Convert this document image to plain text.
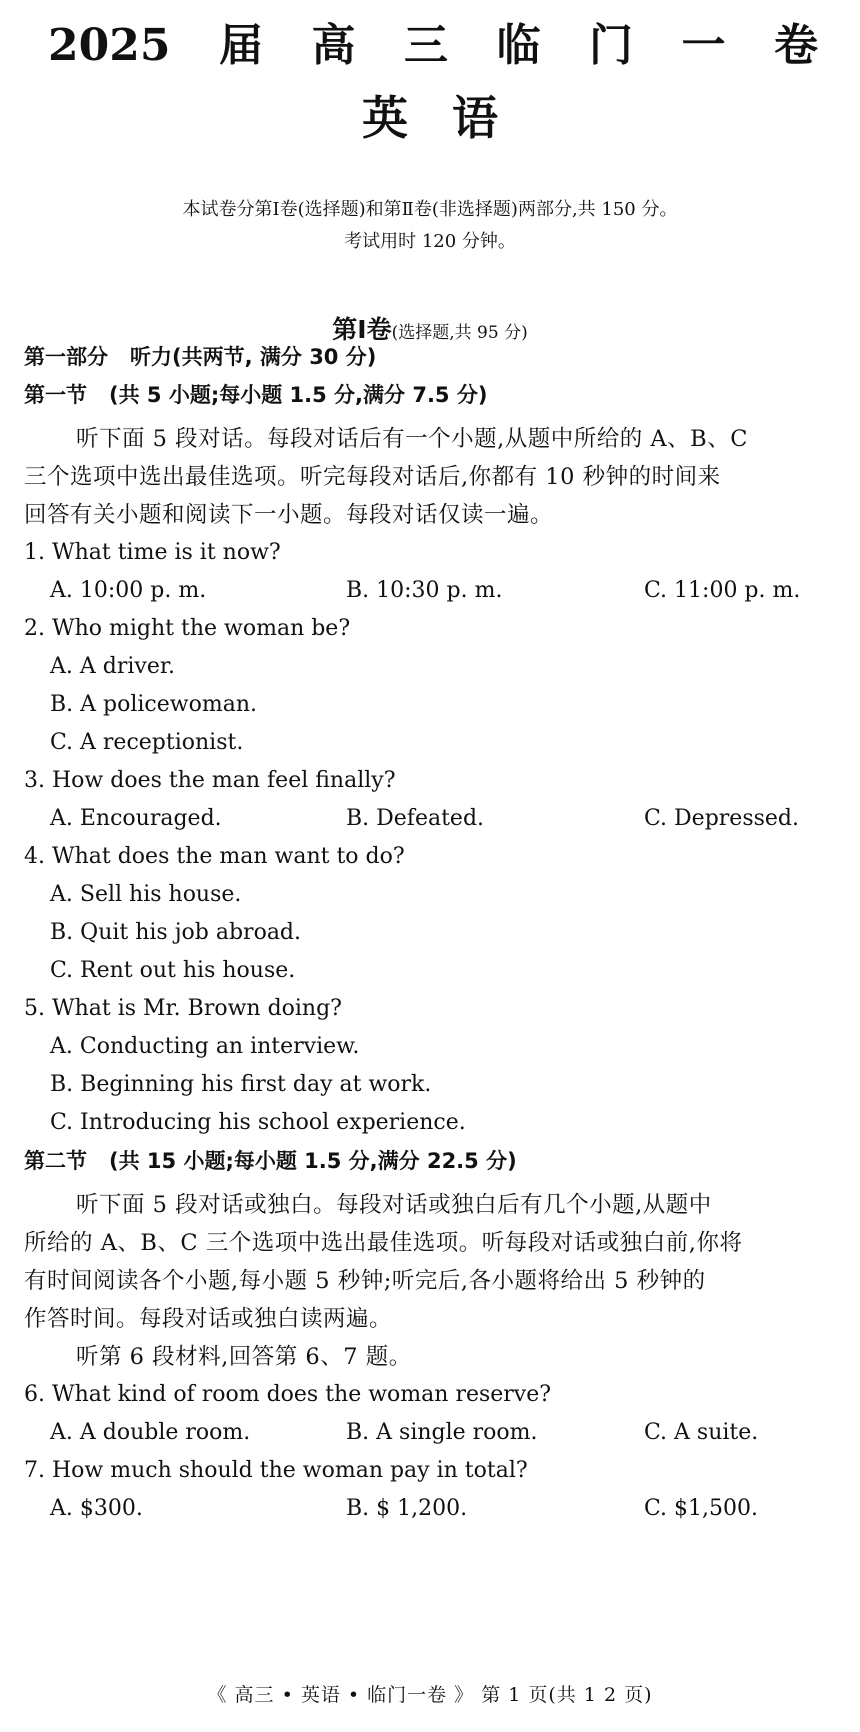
2025 届 高 三 临 门 一 卷
英语
本试卷分第Ⅰ卷(选择题)和第Ⅱ卷(非选择题)两部分,共 150 分。
考试用时 120 分钟。
第Ⅰ卷(选择题,共 95 分)
第一部分 听力(共两节, 满分 30 分)
第一节 (共 5 小题;每小题 1.5 分,满分 7.5 分)
听下面 5 段对话。每段对话后有一个小题,从题中所给的 A、B、C
三个选项中选出最佳选项。听完每段对话后,你都有 10 秒钟的时间来
回答有关小题和阅读下一小题。每段对话仅读一遍。
1. What time is it now?
A. 10:00 p. m.	B. 10:30 p. m.	C. 11:00 p. m.
2. Who might the woman be?
A. A driver.
B. A policewoman.
C. A receptionist.
3. How does the man feel finally?
A. Encouraged.	B. Defeated.	C. Depressed.
4. What does the man want to do?
A. Sell his house.
B. Quit his job abroad.
C. Rent out his house.
5. What is Mr. Brown doing?
A. Conducting an interview.
B. Beginning his first day at work.
C. Introducing his school experience.
第二节 (共 15 小题;每小题 1.5 分,满分 22.5 分)
听下面 5 段对话或独白。每段对话或独白后有几个小题,从题中
所给的 A、B、C 三个选项中选出最佳选项。听每段对话或独白前,你将
有时间阅读各个小题,每小题 5 秒钟;听完后,各小题将给出 5 秒钟的
作答时间。每段对话或独白读两遍。
听第 6 段材料,回答第 6、7 题。
6. What kind of room does the woman reserve?
A. A double room.	B. A single room.	C. A suite.
7. How much should the woman pay in total?
A. $300.	B. $ 1,200.	C. $1,500.
《 高三 • 英语 • 临门一卷 》 第 1 页(共 1 2 页)
